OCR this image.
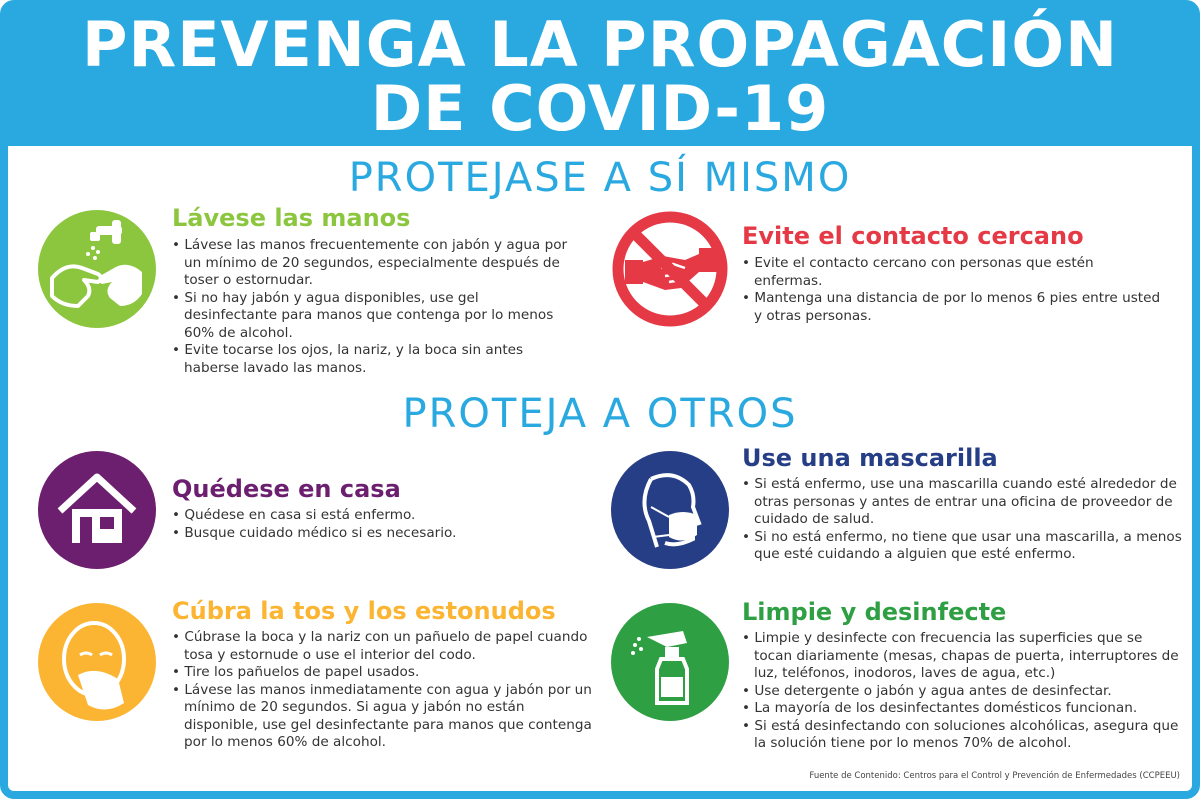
PREVENGA LA PROPAGACIÓN
DE COVID-19
PROTEJASE A SÍ MISMO
Lávese las manos
• Lávese las manos frecuentemente con jabón y agua por un mínimo de 20 segundos, especialmente después de toser o estornudar.
• Si no hay jabón y agua disponibles, use gel desinfectante para manos que contenga por lo menos 60% de alcohol.
• Evite tocarse los ojos, la nariz, y la boca sin antes haberse lavado las manos.
Evite el contacto cercano
• Evite el contacto cercano con personas que estén enfermas.
• Mantenga una distancia de por lo menos 6 pies entre usted y otras personas.
PROTEJA A OTROS
Quédese en casa
• Quédese en casa si está enfermo.
• Busque cuidado médico si es necesario.
Use una mascarilla
• Si está enfermo, use una mascarilla cuando esté alrededor de otras personas y antes de entrar una oficina de proveedor de cuidado de salud.
• Si no está enfermo, no tiene que usar una mascarilla, a menos que esté cuidando a alguien que esté enfermo.
Cúbra la tos y los estonudos
• Cúbrase la boca y la nariz con un pañuelo de papel cuando tosa y estornude o use el interior del codo.
• Tire los pañuelos de papel usados.
• Lávese las manos inmediatamente con agua y jabón por un mínimo de 20 segundos. Si agua y jabón no están disponible, use gel desinfectante para manos que contenga por lo menos 60% de alcohol.
Limpie y desinfecte
• Limpie y desinfecte con frecuencia las superficies que se tocan diariamente (mesas, chapas de puerta, interruptores de luz, teléfonos, inodoros, laves de agua, etc.)
• Use detergente o jabón y agua antes de desinfectar.
• La mayoría de los desinfectantes domésticos funcionan.
• Si está desinfectando con soluciones alcohólicas, asegura que la solución tiene por lo menos 70% de alcohol.
Fuente de Contenido: Centros para el Control y Prevención de Enfermedades (CCPEEU)
